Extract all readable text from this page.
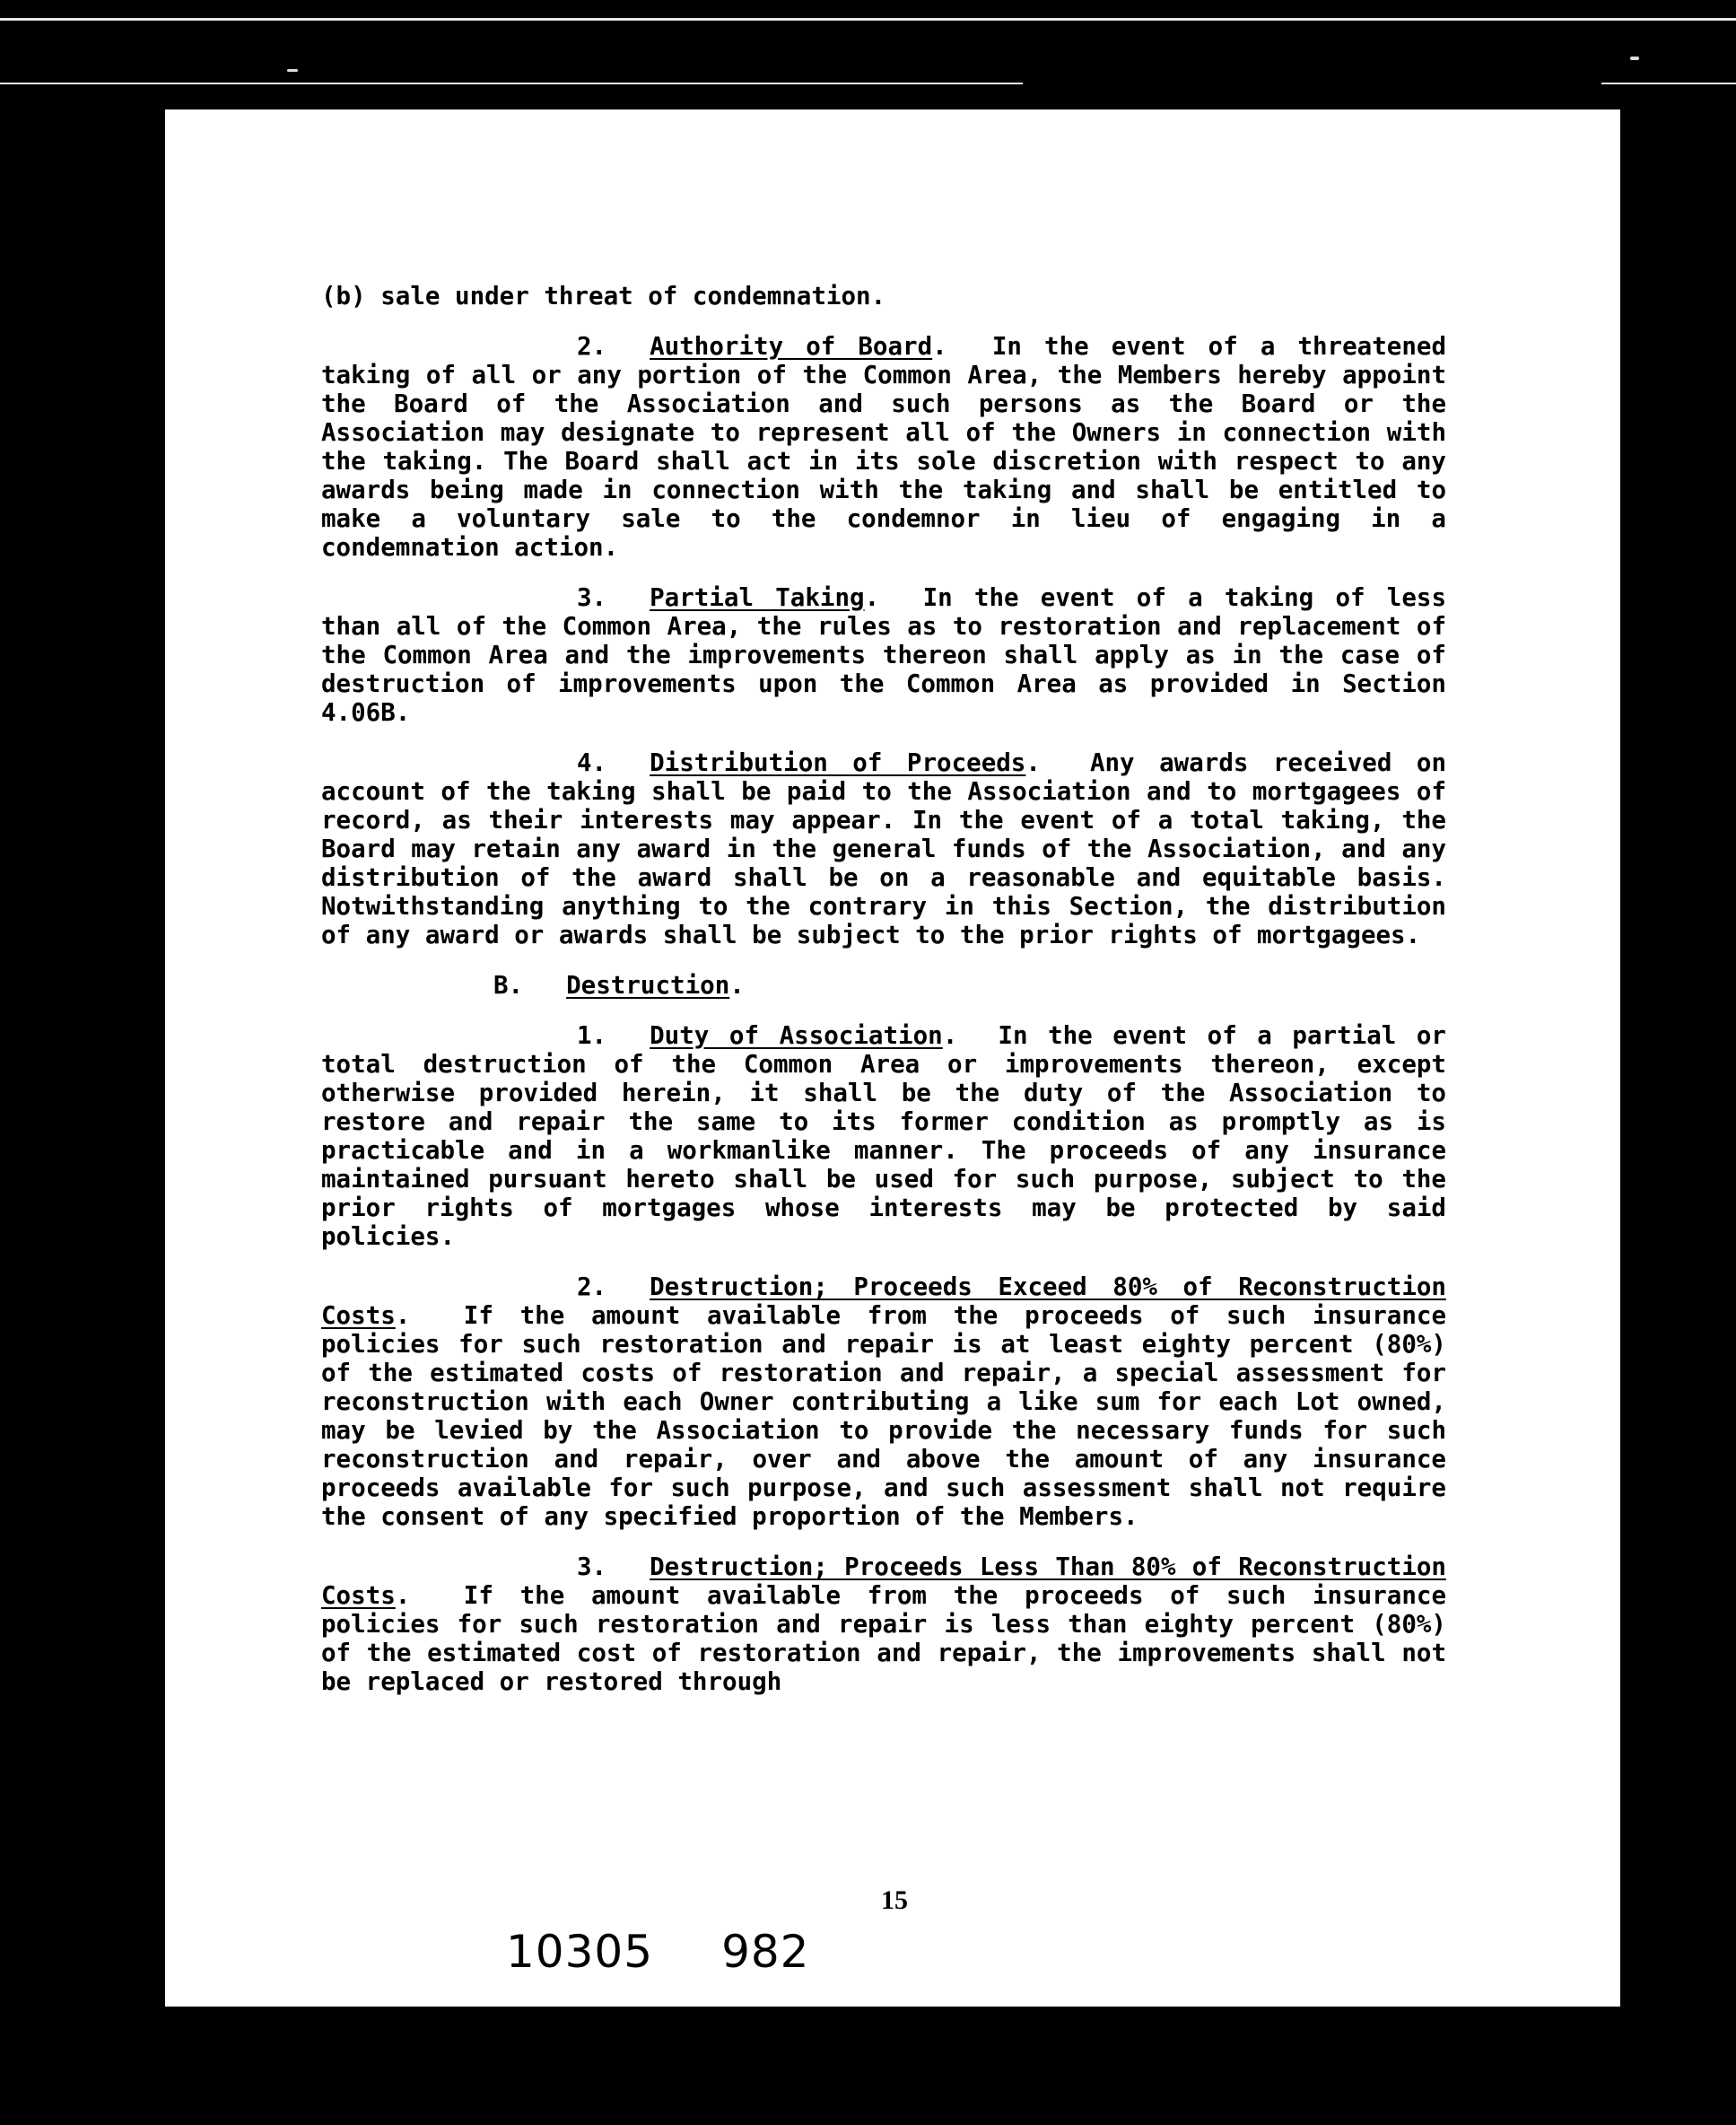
(b) sale under threat of condemnation.

2. Authority of Board.  In the event of a threatened taking of all or any portion of the Common Area, the Members hereby appoint the Board of the Association and such persons as the Board or the Association may designate to represent all of the Owners in connection with the taking. The Board shall act in its sole discretion with respect to any awards being made in connection with the taking and shall be entitled to make a voluntary sale to the condemnor in lieu of engaging in a condemnation action.

3. Partial Taking.  In the event of a taking of less than all of the Common Area, the rules as to restoration and replacement of the Common Area and the improvements thereon shall apply as in the case of destruction of improvements upon the Common Area as provided in Section 4.06B.

4. Distribution of Proceeds.  Any awards received on account of the taking shall be paid to the Association and to mortgagees of record, as their interests may appear. In the event of a total taking, the Board may retain any award in the general funds of the Association, and any distribution of the award shall be on a reasonable and equitable basis. Notwithstanding anything to the contrary in this Section, the distribution of any award or awards shall be subject to the prior rights of mortgagees.

B. Destruction.

1. Duty of Association.  In the event of a partial or total destruction of the Common Area or improvements thereon, except otherwise provided herein, it shall be the duty of the Association to restore and repair the same to its former condition as promptly as is practicable and in a workmanlike manner. The proceeds of any insurance maintained pursuant hereto shall be used for such purpose, subject to the prior rights of mortgages whose interests may be protected by said policies.

2. Destruction; Proceeds Exceed 80% of Reconstruction Costs.  If the amount available from the proceeds of such insurance policies for such restoration and repair is at least eighty percent (80%) of the estimated costs of restoration and repair, a special assessment for reconstruction with each Owner contributing a like sum for each Lot owned, may be levied by the Association to provide the necessary funds for such reconstruction and repair, over and above the amount of any insurance proceeds available for such purpose, and such assessment shall not require the consent of any specified proportion of the Members.

3. Destruction; Proceeds Less Than 80% of Reconstruction Costs.  If the amount available from the proceeds of such insurance policies for such restoration and repair is less than eighty percent (80%) of the estimated cost of restoration and repair, the improvements shall not be replaced or restored through

15
10305 982
